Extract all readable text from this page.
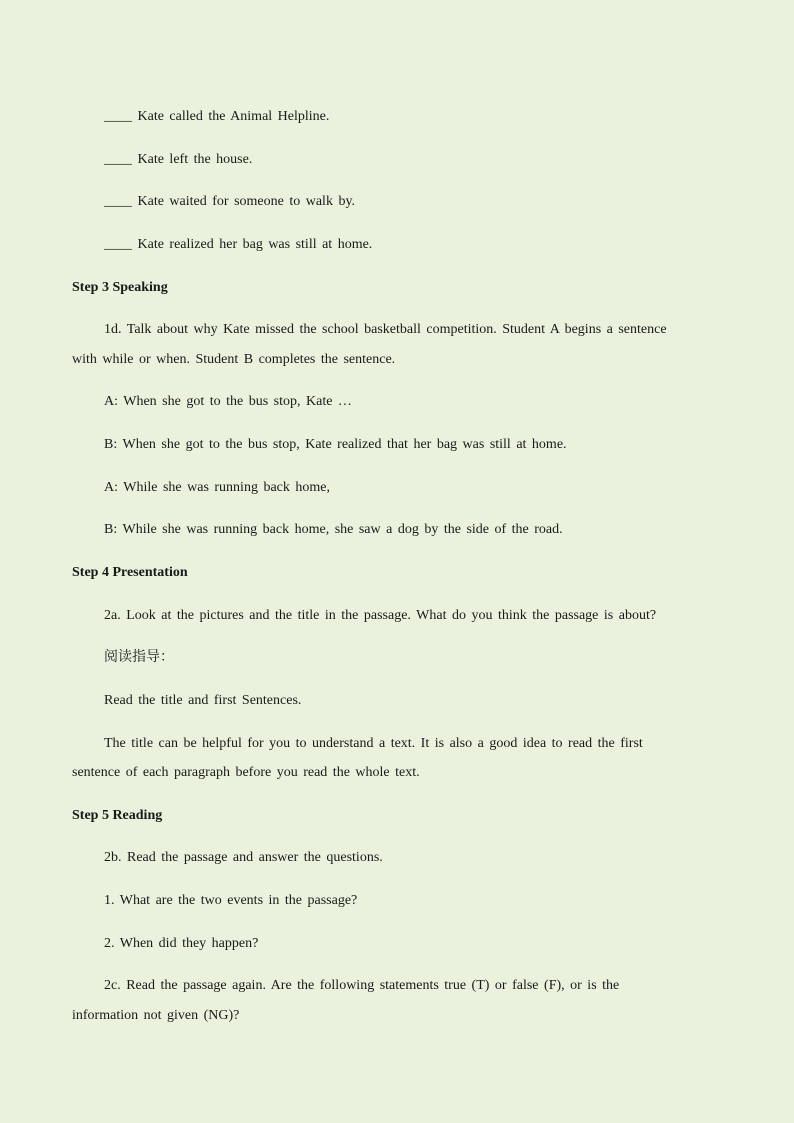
____ Kate called the Animal Helpline.
____ Kate left the house.
____ Kate waited for someone to walk by.
____ Kate realized her bag was still at home.
Step 3 Speaking
1d. Talk about why Kate missed the school basketball competition. Student A begins a sentence
with while or when. Student B completes the sentence.
A: When she got to the bus stop, Kate …
B: When she got to the bus stop, Kate realized that her bag was still at home.
A: While she was running back home,
B: While she was running back home, she saw a dog by the side of the road.
Step 4 Presentation
2a. Look at the pictures and the title in the passage. What do you think the passage is about?
阅读指导：
Read the title and first Sentences.
The title can be helpful for you to understand a text. It is also a good idea to read the first
sentence of each paragraph before you read the whole text.
Step 5 Reading
2b. Read the passage and answer the questions.
1. What are the two events in the passage?
2. When did they happen?
2c. Read the passage again. Are the following statements true (T) or false (F), or is the
information not given (NG)?
